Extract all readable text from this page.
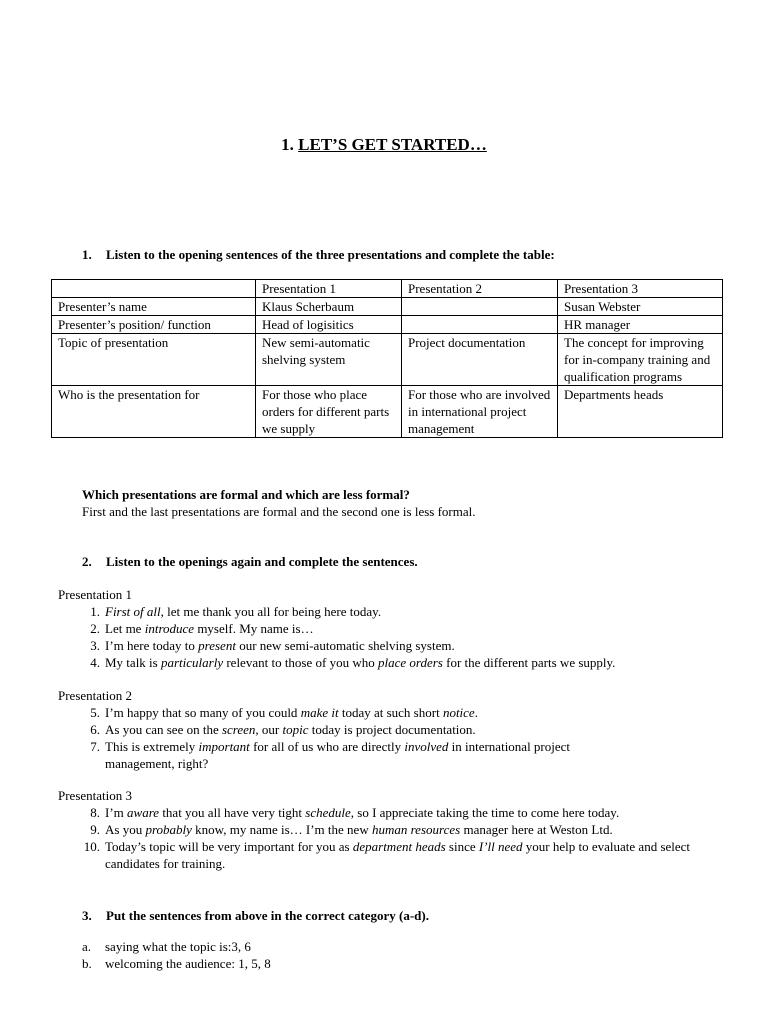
1. LET’S GET STARTED…
1. Listen to the opening sentences of the three presentations and complete the table:
	Presentation 1	Presentation 2	Presentation 3
Presenter’s name	Klaus Scherbaum		Susan Webster
Presenter’s position/ function	Head of logisitics		HR manager
Topic of presentation	New semi-automatic shelving system	Project documentation	The concept for improving for in-company training and qualification programs
Who is the presentation for	For those who place orders for different parts we supply	For those who are involved in international project management	Departments heads
Which presentations are formal and which are less formal?
First and the last presentations are formal and the second one is less formal.
2. Listen to the openings again and complete the sentences.
Presentation 1
1. First of all, let me thank you all for being here today.
2. Let me introduce myself. My name is…
3. I’m here today to present our new semi-automatic shelving system.
4. My talk is particularly relevant to those of you who place orders for the different parts we supply.
Presentation 2
5. I’m happy that so many of you could make it today at such short notice.
6. As you can see on the screen, our topic today is project documentation.
7. This is extremely important for all of us who are directly involved in international project management, right?
Presentation 3
8. I’m aware that you all have very tight schedule, so I appreciate taking the time to come here today.
9. As you probably know, my name is… I’m the new human resources manager here at Weston Ltd.
10. Today’s topic will be very important for you as department heads since I’ll need your help to evaluate and select candidates for training.
3. Put the sentences from above in the correct category (a-d).
a.	saying what the topic is:3, 6
b.	welcoming the audience: 1, 5, 8
